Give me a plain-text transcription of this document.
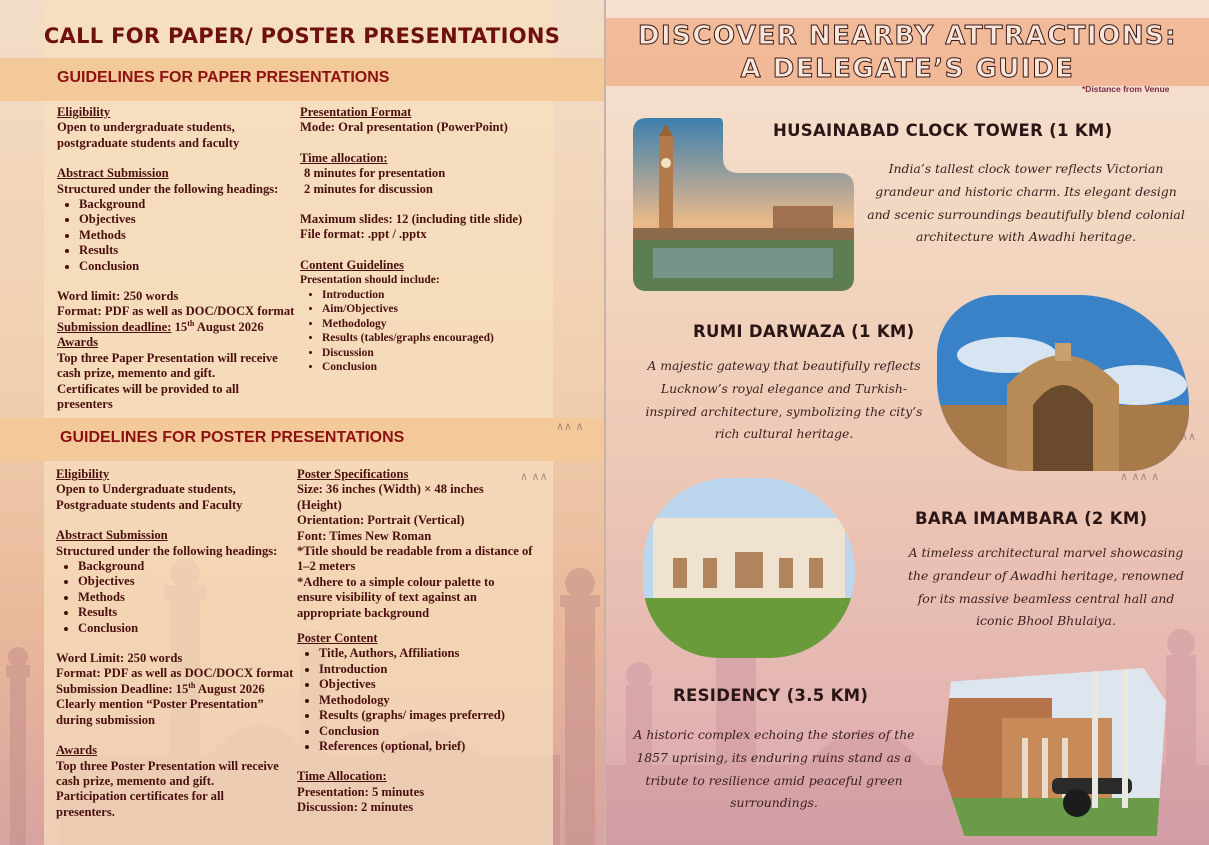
CALL FOR PAPER/ POSTER PRESENTATIONS
GUIDELINES FOR PAPER PRESENTATIONS

Eligibility

Open to undergraduate students,

postgraduate students and faculty

Abstract Submission

Structured under the following headings:

• Background
• Objectives
• Methods
• Results
• Conclusion

Word limit: 250 words

Format: PDF as well as DOC/DOCX format

Submission deadline: 15th August 2026

Awards

Top three Paper Presentation will receive

cash prize, memento and gift.

Certificates will be provided to all

presenters

Presentation Format

Mode: Oral presentation (PowerPoint)

Time allocation:

8 minutes for presentation

2 minutes for discussion

Maximum slides: 12 (including title slide)

File format: .ppt / .pptx

Content Guidelines

Presentation should include:

• Introduction
• Aim/Objectives
• Methodology
• Results (tables/graphs encouraged)
• Discussion
• Conclusion
GUIDELINES FOR POSTER PRESENTATIONS

Eligibility

Open to Undergraduate students,

Postgraduate students and Faculty

Abstract Submission

Structured under the following headings:

• Background
• Objectives
• Methods
• Results
• Conclusion

Word Limit: 250 words

Format: PDF as well as DOC/DOCX format

Submission Deadline: 15th August 2026

Clearly mention “Poster Presentation”

during submission

Awards

Top three Poster Presentation will receive

cash prize, memento and gift.

Participation certificates for all

presenters.

Poster Specifications

Size: 36 inches (Width) × 48 inches

(Height)

Orientation: Portrait (Vertical)

Font: Times New Roman

*Title should be readable from a distance of

1–2 meters

*Adhere to a simple colour palette to

ensure visibility of text against an

appropriate background

Poster Content

• Title, Authors, Affiliations
• Introduction
• Objectives
• Methodology
• Results (graphs/ images preferred)
• Conclusion
• References (optional, brief)

Time Allocation:

Presentation: 5 minutes

Discussion: 2 minutes

∧∧ ∧
∧ ∧∧
DISCOVER NEARBY ATTRACTIONS:
A DELEGATE’S GUIDE
*Distance from Venue
HUSAINABAD CLOCK TOWER (1 KM)
India’s tallest clock tower reflects Victorian
grandeur and historic charm. Its elegant design
and scenic surroundings beautifully blend colonial
architecture with Awadhi heritage.
RUMI DARWAZA (1 KM)
A majestic gateway that beautifully reflects
Lucknow’s royal elegance and Turkish-
inspired architecture, symbolizing the city’s
rich cultural heritage.
BARA IMAMBARA (2 KM)
A timeless architectural marvel showcasing
the grandeur of Awadhi heritage, renowned
for its massive beamless central hall and
iconic Bhool Bhulaiya.
RESIDENCY (3.5 KM)
A historic complex echoing the stories of the
1857 uprising, its enduring ruins stand as a
tribute to resilience amid peaceful green
surroundings.
∧ ∧∧ ∧
∧∧
